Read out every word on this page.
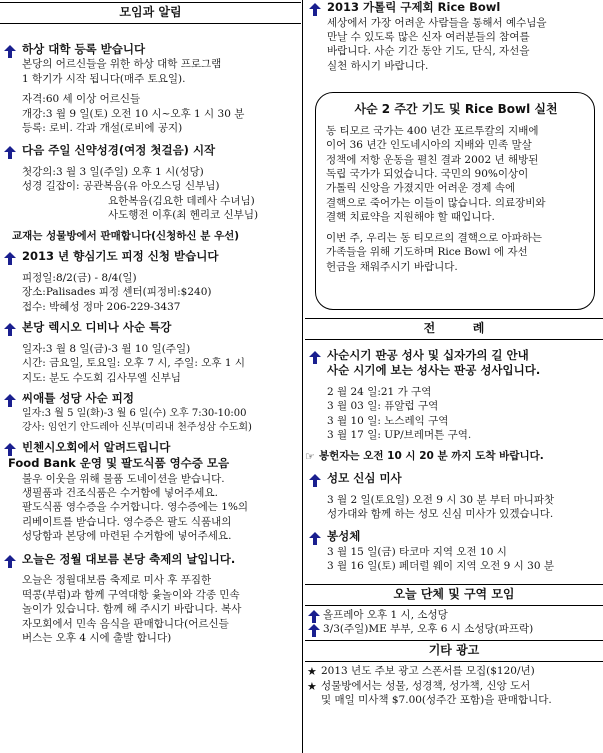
모임과 알림
하상 대학 등록 받습니다
본당의 어르신들을 위한 하상 대학 프로그램
1 학기가 시작 됩니다(매주 토요일).
자격:60 세 이상 어르신들
개강:3 월 9 일(토) 오전 10 시~오후 1 시 30 분
등록: 로비. 각과 개설(로비에 공지)
다음 주일 신약성경(여정 첫걸음) 시작
첫강의:3 월 3 일(주일) 오후 1 시(성당)
성경 길잡이: 공관복음(유 아오스딩 신부님)
요한복음(김요한 데레사 수녀님)
사도행전 이후(최 헨리코 신부님)
교재는 성물방에서 판매합니다(신청하신 분 우선)
2013 년 향심기도 피정 신청 받습니다
피정일:8/2(금) - 8/4(일)
장소:Palisades 피정 센터(피정비:$240)
접수: 박혜성 정마 206-229-3437
본당 렉시오 디비나 사순 특강
일자:3 월 8 일(금)-3 월 10 일(주일)
시간: 금요일, 토요일: 오후 7 시, 주일: 오후 1 시
지도: 분도 수도회 김사무엘 신부님
씨애틀 성당 사순 피정
일자:3 월 5 일(화)-3 월 6 일(수) 오후 7:30-10:00
강사: 임언기 안드레아 신부(미리내 천주성삼 수도회)
빈첸시오회에서 알려드립니다
Food Bank 운영 및 팔도식품 영수증 모음
불우 이웃을 위해 물품 도네이션을 받습니다.
생필품과 건조식품은 수거함에 넣어주세요.
팔도식품 영수증을 수거합니다. 영수증에는 1%의
리베이트를 받습니다. 영수증은 팔도 식품내의
성당함과 본당에 마련된 수거함에 넣어주세요.
오늘은 정월 대보름 본당 축제의 날입니다.
오늘은 정월대보름 축제로 미사 후 푸짐한
떡콩(부럼)과 함께 구역대항 윷놀이와 각종 민속
놀이가 있습니다. 함께 해 주시기 바랍니다. 복사
자모회에서 민속 음식을 판매합니다(어르신들
버스는 오후 4 시에 출발 합니다)
2013 가톨릭 구제회 Rice Bowl
세상에서 가장 어려운 사람들을 통해서 예수님을
만날 수 있도록 많은 신자 여러분들의 참여를
바랍니다. 사순 기간 동안 기도, 단식, 자선을
실천 하시기 바랍니다.
사순 2 주간 기도 및 Rice Bowl 실천
동 티모르 국가는 400 년간 포르투칼의 지배에
이어 36 년간 인도네시아의 지배와 민족 말살
정책에 저항 운동을 펼친 결과 2002 년 해방된
독립 국가가 되었습니다. 국민의 90%이상이
가톨릭 신앙을 가졌지만 어려운 경제 속에
결핵으로 죽어가는 이들이 많습니다. 의료장비와
결핵 치료약을 지원해야 할 때입니다.
이번 주, 우리는 동 티모르의 결핵으로 아파하는
가족들을 위해 기도하며 Rice Bowl 에 자선
헌금을 채워주시기 바랍니다.
전         례
사순시기 판공 성사 및 십자가의 길 안내
사순 시기에 보는 성사는 판공 성사입니다.
2 월 24 일:21 가 구역
3 월 03 일: 퓨알럽 구역
3 월 10 일: 노스레익 구역
3 월 17 일: UP/브레머튼 구역.
☞ 봉헌자는 오전 10 시 20 분 까지 도착 바랍니다.
성모 신심 미사
3 월 2 일(토요일) 오전 9 시 30 분 부터 마니파찻
성가대와 함께 하는 성모 신심 미사가 있겠습니다.
봉성체
3 월 15 일(금) 타코마 지역 오전 10 시
3 월 16 일(토) 페더럴 웨이 지역 오전 9 시 30 분
오늘 단체 및 구역 모임
올프레아 오후 1 시, 소성당
3/3(주일)ME 부부, 오후 6 시 소성당(파프락)
기타 광고
★ 2013 년도 주보 광고 스폰서를 모집($120/년)
★ 성물방에서는 성물, 성경책, 성가책, 신앙 도서
및 매일 미사책 $7.00(성주간 포함)을 판매합니다.
